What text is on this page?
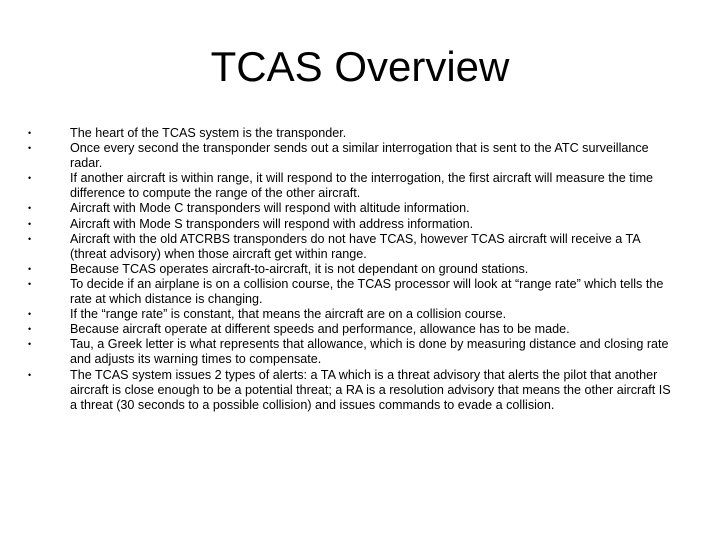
TCAS Overview
•	The heart of the TCAS system is the transponder.
•	Once every second the transponder sends out a similar interrogation that is sent to the ATC surveillance radar.
•	If another aircraft is within range, it will respond to the interrogation, the first aircraft will measure the time difference to compute the range of the other aircraft.
•	Aircraft with Mode C transponders will respond with altitude information.
•	Aircraft with Mode S transponders will respond with address information.
•	Aircraft with the old ATCRBS transponders do not have TCAS, however TCAS aircraft will receive a TA (threat advisory) when those aircraft get within range.
•	Because TCAS operates aircraft-to-aircraft, it is not dependant on ground stations.
•	To decide if an airplane is on a collision course, the TCAS processor will look at “range rate” which tells the rate at which distance is changing.
•	If the “range rate” is constant, that means the aircraft are on a collision course.
•	Because aircraft operate at different speeds and performance, allowance has to be made.
•	Tau, a Greek letter is what represents that allowance, which is done by measuring distance and closing rate and adjusts its warning times to compensate.
•	The TCAS system issues 2 types of alerts: a TA which is a threat advisory that alerts the pilot that another aircraft is close enough to be a potential threat; a RA is a resolution advisory that means the other aircraft IS a threat (30 seconds to a possible collision) and issues commands to evade a collision.
